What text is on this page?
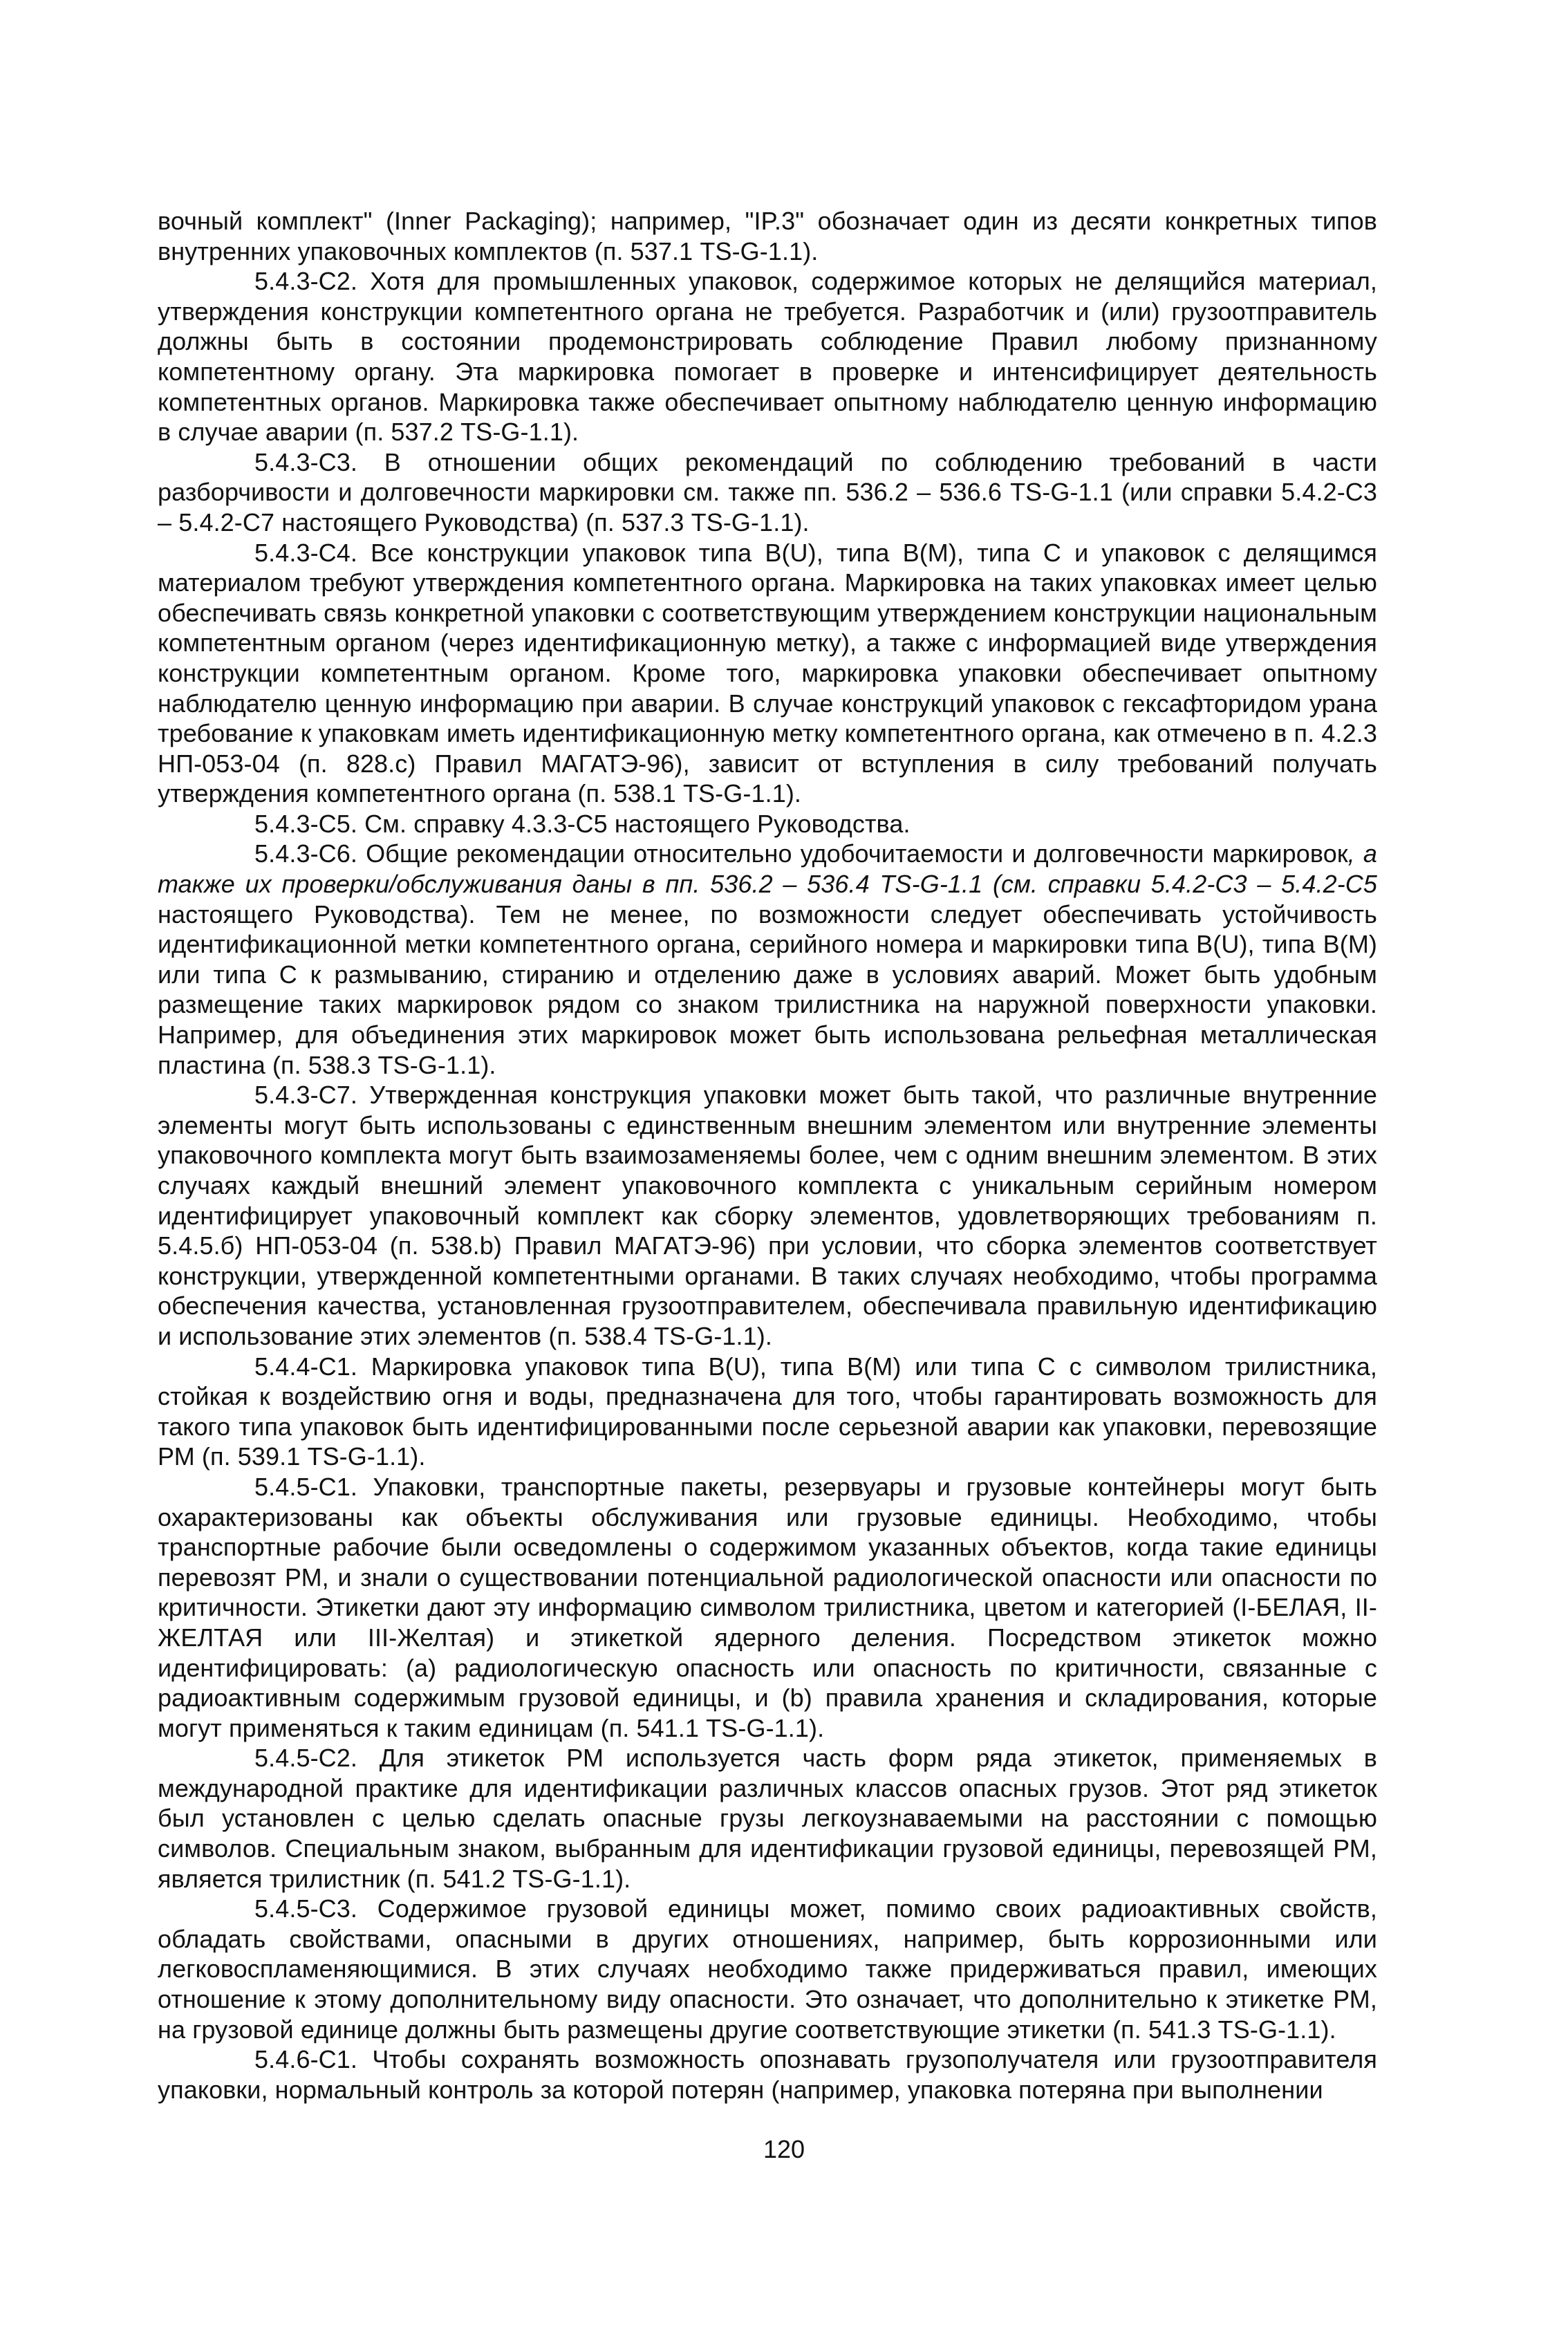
вочный комплект" (Inner Packaging); например, "IP.3" обозначает один из десяти конкретных типов внутренних упаковочных комплектов (п. 537.1 TS-G-1.1).

5.4.3-C2. Хотя для промышленных упаковок, содержимое которых не делящийся материал, утверждения конструкции компетентного органа не требуется. Разработчик и (или) грузоотправитель должны быть в состоянии продемонстрировать соблюдение Правил любому признанному компетентному органу. Эта маркировка помогает в проверке и интенсифицирует деятельность компетентных органов. Маркировка также обеспечивает опытному наблюдателю ценную информацию в случае аварии (п. 537.2 TS-G-1.1).

5.4.3-C3. В отношении общих рекомендаций по соблюдению требований в части разборчивости и долговечности маркировки см. также пп. 536.2 – 536.6 TS-G-1.1 (или справки 5.4.2-C3 – 5.4.2-C7 настоящего Руководства) (п. 537.3 TS-G-1.1).

5.4.3-C4. Все конструкции упаковок типа B(U), типа B(M), типа C и упаковок с делящимся материалом требуют утверждения компетентного органа. Маркировка на таких упаковках имеет целью обеспечивать связь конкретной упаковки с соответствующим утверждением конструкции национальным компетентным органом (через идентификационную метку), а также с информацией виде утверждения конструкции компетентным органом. Кроме того, маркировка упаковки обеспечивает опытному наблюдателю ценную информацию при аварии. В случае конструкций упаковок с гексафторидом урана требование к упаковкам иметь идентификационную метку компетентного органа, как отмечено в п. 4.2.3 НП-053-04 (п. 828.c) Правил МАГАТЭ-96), зависит от вступления в силу требований получать утверждения компетентного органа (п. 538.1 TS-G-1.1).

5.4.3-C5. См. справку 4.3.3-C5 настоящего Руководства.

5.4.3-C6. Общие рекомендации относительно удобочитаемости и долговечности маркировок, а также их проверки/обслуживания даны в пп. 536.2 – 536.4 TS-G-1.1 (см. справки 5.4.2-C3 – 5.4.2-C5 настоящего Руководства). Тем не менее, по возможности следует обеспечивать устойчивость идентификационной метки компетентного органа, серийного номера и маркировки типа B(U), типа B(M) или типа C к размыванию, стиранию и отделению даже в условиях аварий. Может быть удобным размещение таких маркировок рядом со знаком трилистника на наружной поверхности упаковки. Например, для объединения этих маркировок может быть использована рельефная металлическая пластина (п. 538.3 TS-G-1.1).

5.4.3-C7. Утвержденная конструкция упаковки может быть такой, что различные внутренние элементы могут быть использованы с единственным внешним элементом или внутренние элементы упаковочного комплекта могут быть взаимозаменяемы более, чем с одним внешним элементом. В этих случаях каждый внешний элемент упаковочного комплекта с уникальным серийным номером идентифицирует упаковочный комплект как сборку элементов, удовлетворяющих требованиям п. 5.4.5.б) НП-053-04 (п. 538.b) Правил МАГАТЭ-96) при условии, что сборка элементов соответствует конструкции, утвержденной компетентными органами. В таких случаях необходимо, чтобы программа обеспечения качества, установленная грузоотправителем, обеспечивала правильную идентификацию и использование этих элементов (п. 538.4 TS-G-1.1).

5.4.4-C1. Маркировка упаковок типа B(U), типа B(M) или типа C с символом трилистника, стойкая к воздействию огня и воды, предназначена для того, чтобы гарантировать возможность для такого типа упаковок быть идентифицированными после серьезной аварии как упаковки, перевозящие РМ (п. 539.1 TS-G-1.1).

5.4.5-C1. Упаковки, транспортные пакеты, резервуары и грузовые контейнеры могут быть охарактеризованы как объекты обслуживания или грузовые единицы. Необходимо, чтобы транспортные рабочие были осведомлены о содержимом указанных объектов, когда такие единицы перевозят РМ, и знали о существовании потенциальной радиологической опасности или опасности по критичности. Этикетки дают эту информацию символом трилистника, цветом и категорией (I-БЕЛАЯ, II-ЖЕЛТАЯ или III-Желтая) и этикеткой ядерного деления. Посредством этикеток можно идентифицировать: (a) радиологическую опасность или опасность по критичности, связанные с радиоактивным содержимым грузовой единицы, и (b) правила хранения и складирования, которые могут применяться к таким единицам (п. 541.1 TS-G-1.1).

5.4.5-C2. Для этикеток РМ используется часть форм ряда этикеток, применяемых в международной практике для идентификации различных классов опасных грузов. Этот ряд этикеток был установлен с целью сделать опасные грузы легкоузнаваемыми на расстоянии с помощью символов. Специальным знаком, выбранным для идентификации грузовой единицы, перевозящей РМ, является трилистник (п. 541.2 TS-G-1.1).

5.4.5-C3. Содержимое грузовой единицы может, помимо своих радиоактивных свойств, обладать свойствами, опасными в других отношениях, например, быть коррозионными или легковоспламеняющимися. В этих случаях необходимо также придерживаться правил, имеющих отношение к этому дополнительному виду опасности. Это означает, что дополнительно к этикетке РМ, на грузовой единице должны быть размещены другие соответствующие этикетки (п. 541.3 TS-G-1.1).

5.4.6-C1. Чтобы сохранять возможность опознавать грузополучателя или грузоотправителя упаковки, нормальный контроль за которой потерян (например, упаковка потеряна при выполнении

120
